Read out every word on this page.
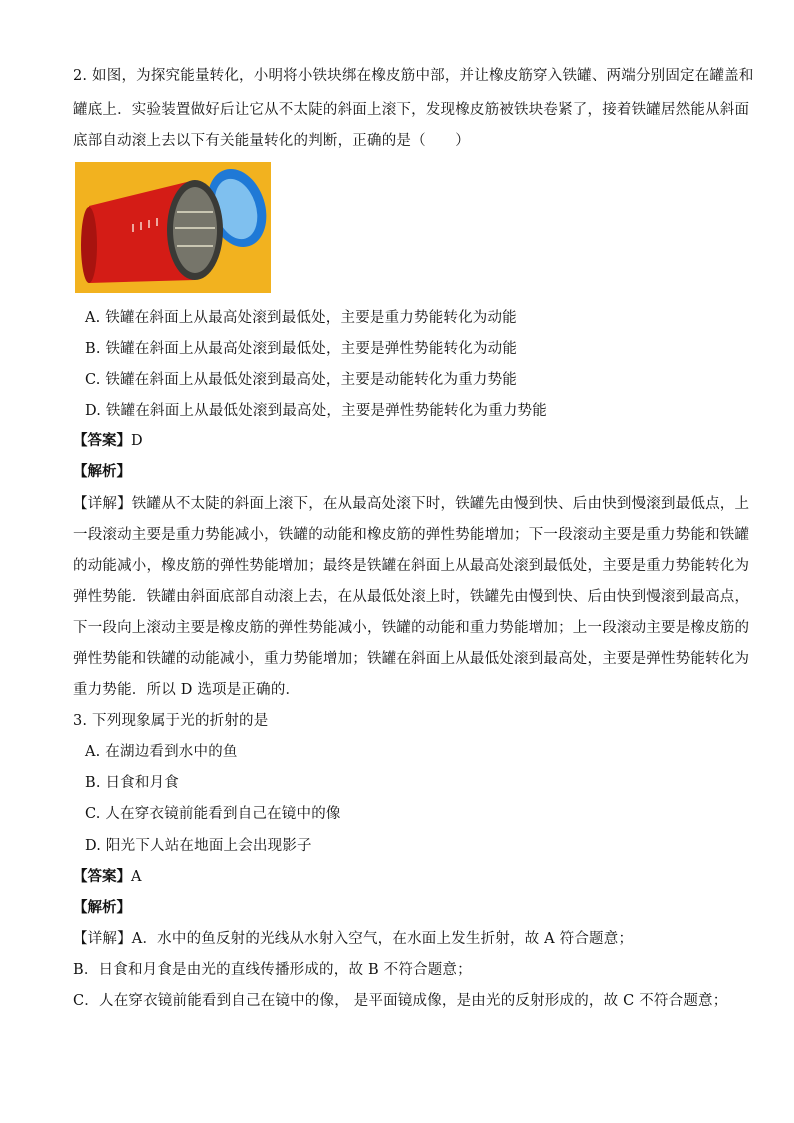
2. 如图，为探究能量转化，小明将小铁块绑在橡皮筋中部，并让橡皮筋穿入铁罐、两端分别固定在罐盖和
罐底上．实验装置做好后让它从不太陡的斜面上滚下，发现橡皮筋被铁块卷紧了，接着铁罐居然能从斜面
底部自动滚上去以下有关能量转化的判断，正确的是（　　）
A. 铁罐在斜面上从最高处滚到最低处，主要是重力势能转化为动能
B. 铁罐在斜面上从最高处滚到最低处，主要是弹性势能转化为动能
C. 铁罐在斜面上从最低处滚到最高处，主要是动能转化为重力势能
D. 铁罐在斜面上从最低处滚到最高处，主要是弹性势能转化为重力势能
【答案】D
【解析】
【详解】铁罐从不太陡的斜面上滚下，在从最高处滚下时，铁罐先由慢到快、后由快到慢滚到最低点，上
一段滚动主要是重力势能减小，铁罐的动能和橡皮筋的弹性势能增加；下一段滚动主要是重力势能和铁罐
的动能减小，橡皮筋的弹性势能增加；最终是铁罐在斜面上从最高处滚到最低处，主要是重力势能转化为
弹性势能．铁罐由斜面底部自动滚上去，在从最低处滚上时，铁罐先由慢到快、后由快到慢滚到最高点，
下一段向上滚动主要是橡皮筋的弹性势能减小，铁罐的动能和重力势能增加；上一段滚动主要是橡皮筋的
弹性势能和铁罐的动能减小，重力势能增加；铁罐在斜面上从最低处滚到最高处，主要是弹性势能转化为
重力势能．所以 D 选项是正确的．
3. 下列现象属于光的折射的是
A. 在湖边看到水中的鱼
B. 日食和月食
C. 人在穿衣镜前能看到自己在镜中的像
D. 阳光下人站在地面上会出现影子
【答案】A
【解析】
【详解】A．水中的鱼反射的光线从水射入空气，在水面上发生折射，故 A 符合题意；
B．日食和月食是由光的直线传播形成的，故 B 不符合题意；
C．人在穿衣镜前能看到自己在镜中的像， 是平面镜成像，是由光的反射形成的，故 C 不符合题意；
